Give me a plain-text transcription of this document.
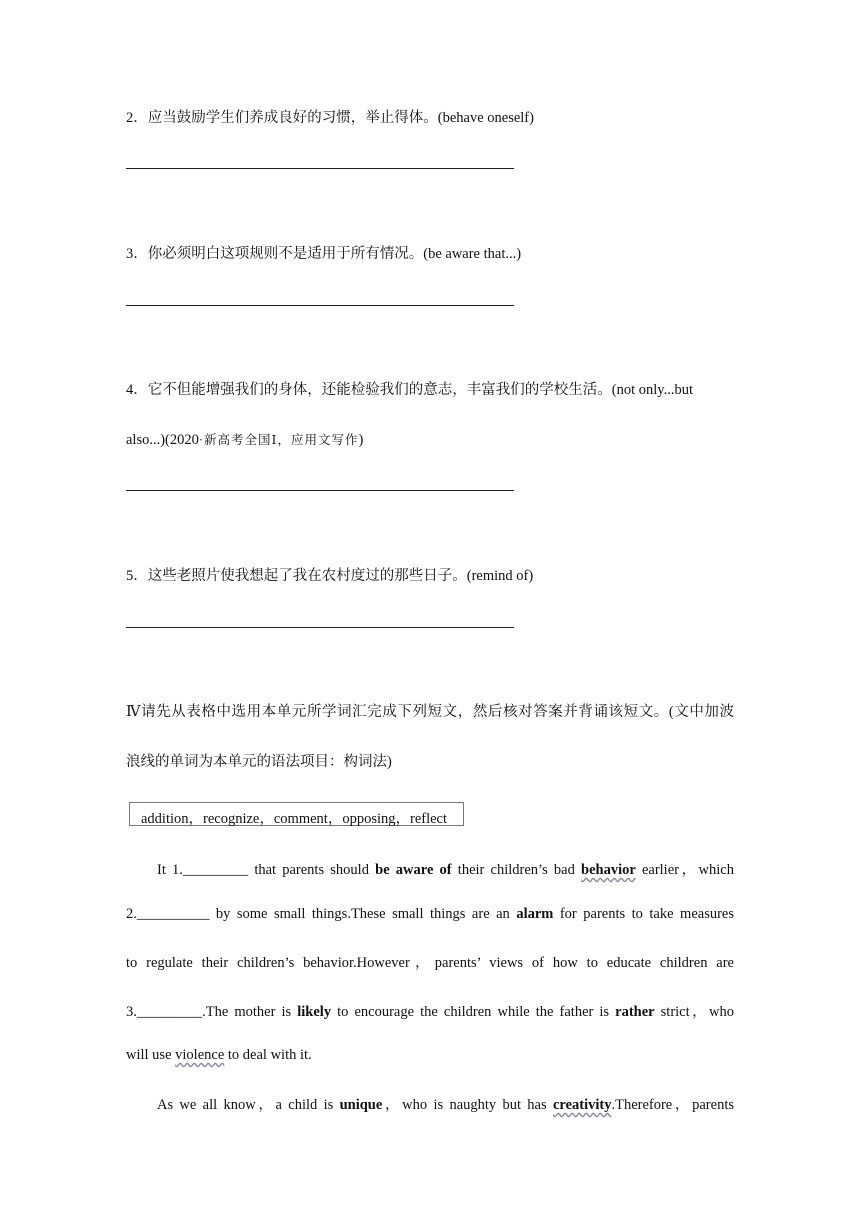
2．应当鼓励学生们养成良好的习惯，举止得体。(behave oneself)
3．你必须明白这项规则不是适用于所有情况。(be aware that...)
4．它不但能增强我们的身体，还能检验我们的意志，丰富我们的学校生活。(not only...but
also...)(2020·新高考全国Ⅰ，应用文写作)
5．这些老照片使我想起了我在农村度过的那些日子。(remind of)
Ⅳ请先从表格中选用本单元所学词汇完成下列短文，然后核对答案并背诵该短文。(文中加波
浪线的单词为本单元的语法项目：构词法)
addition，recognize，comment，opposing，reflect
It 1._________ that parents should be aware of their children’s bad behavior earlier，which
2.__________ by some small things.These small things are an alarm for parents to take measures
to regulate their children’s behavior.However，parents’ views of how to educate children are
3._________.The mother is likely to encourage the children while the father is rather strict，who
will use violence to deal with it.
As we all know，a child is unique，who is naughty but has creativity.Therefore，parents
